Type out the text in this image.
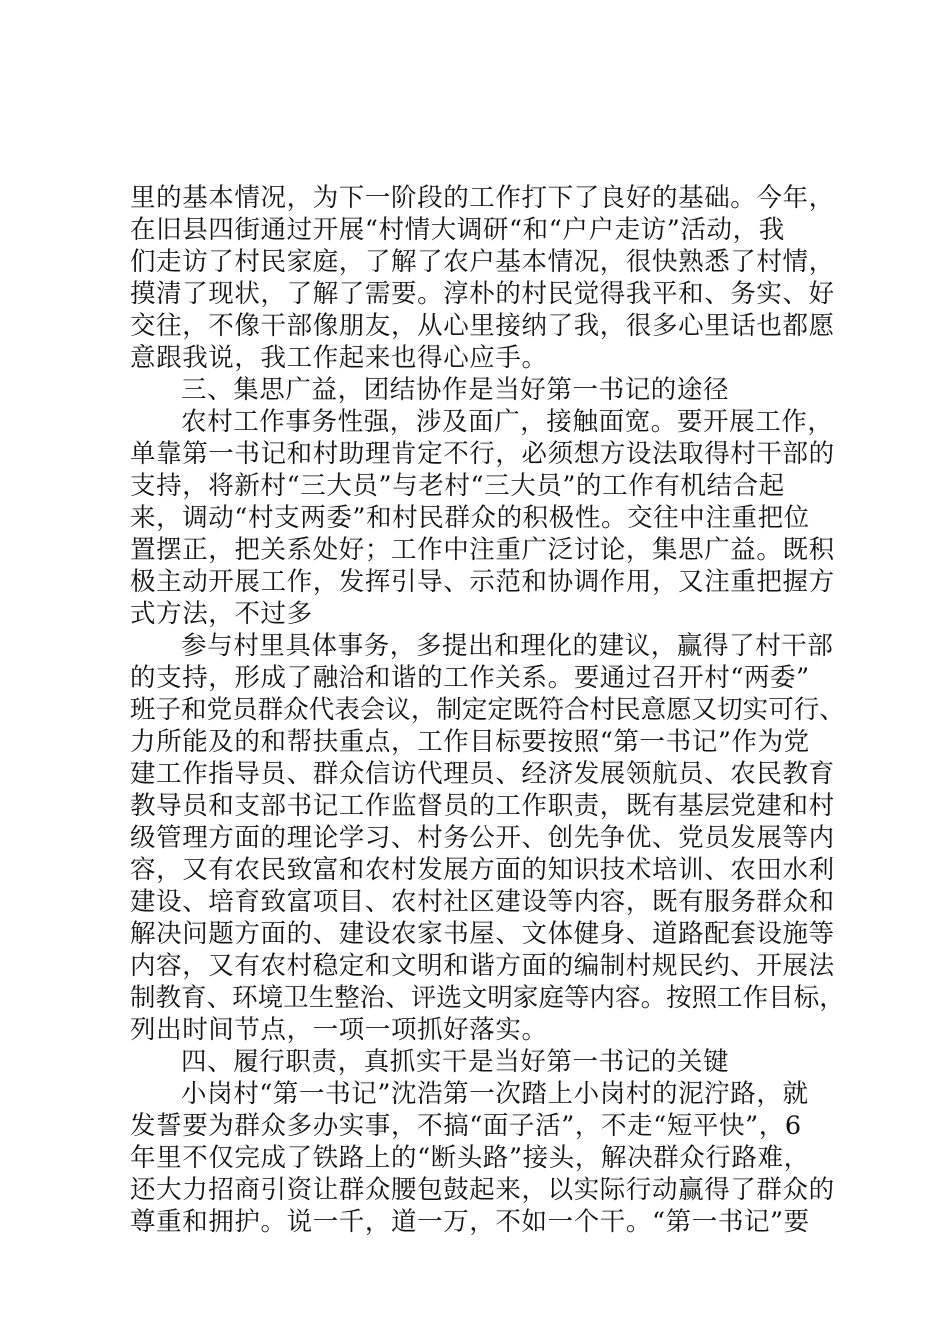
里的基本情况，为下一阶段的工作打下了良好的基础。今年，
在旧县四街通过开展“村情大调研“和“户户走访”活动，我
们走访了村民家庭，了解了农户基本情况，很快熟悉了村情，
摸清了现状，了解了需要。淳朴的村民觉得我平和、务实、好
交往，不像干部像朋友，从心里接纳了我，很多心里话也都愿
意跟我说，我工作起来也得心应手。
三、集思广益，团结协作是当好第一书记的途径
农村工作事务性强，涉及面广，接触面宽。要开展工作，
单靠第一书记和村助理肯定不行，必须想方设法取得村干部的
支持，将新村“三大员”与老村“三大员”的工作有机结合起
来，调动“村支两委”和村民群众的积极性。交往中注重把位
置摆正，把关系处好；工作中注重广泛讨论，集思广益。既积
极主动开展工作，发挥引导、示范和协调作用，又注重把握方
式方法，不过多
参与村里具体事务，多提出和理化的建议，赢得了村干部
的支持，形成了融洽和谐的工作关系。要通过召开村“两委”
班子和党员群众代表会议，制定定既符合村民意愿又切实可行、
力所能及的和帮扶重点，工作目标要按照“第一书记”作为党
建工作指导员、群众信访代理员、经济发展领航员、农民教育
教导员和支部书记工作监督员的工作职责，既有基层党建和村
级管理方面的理论学习、村务公开、创先争优、党员发展等内
容，又有农民致富和农村发展方面的知识技术培训、农田水利
建设、培育致富项目、农村社区建设等内容，既有服务群众和
解决问题方面的、建设农家书屋、文体健身、道路配套设施等
内容，又有农村稳定和文明和谐方面的编制村规民约、开展法
制教育、环境卫生整治、评选文明家庭等内容。按照工作目标，
列出时间节点，一项一项抓好落实。
四、履行职责，真抓实干是当好第一书记的关键
小岗村“第一书记”沈浩第一次踏上小岗村的泥泞路，就
发誓要为群众多办实事，不搞“面子活”，不走“短平快”，6
年里不仅完成了铁路上的“断头路”接头，解决群众行路难，
还大力招商引资让群众腰包鼓起来，以实际行动赢得了群众的
尊重和拥护。说一千，道一万，不如一个干。“第一书记”要
